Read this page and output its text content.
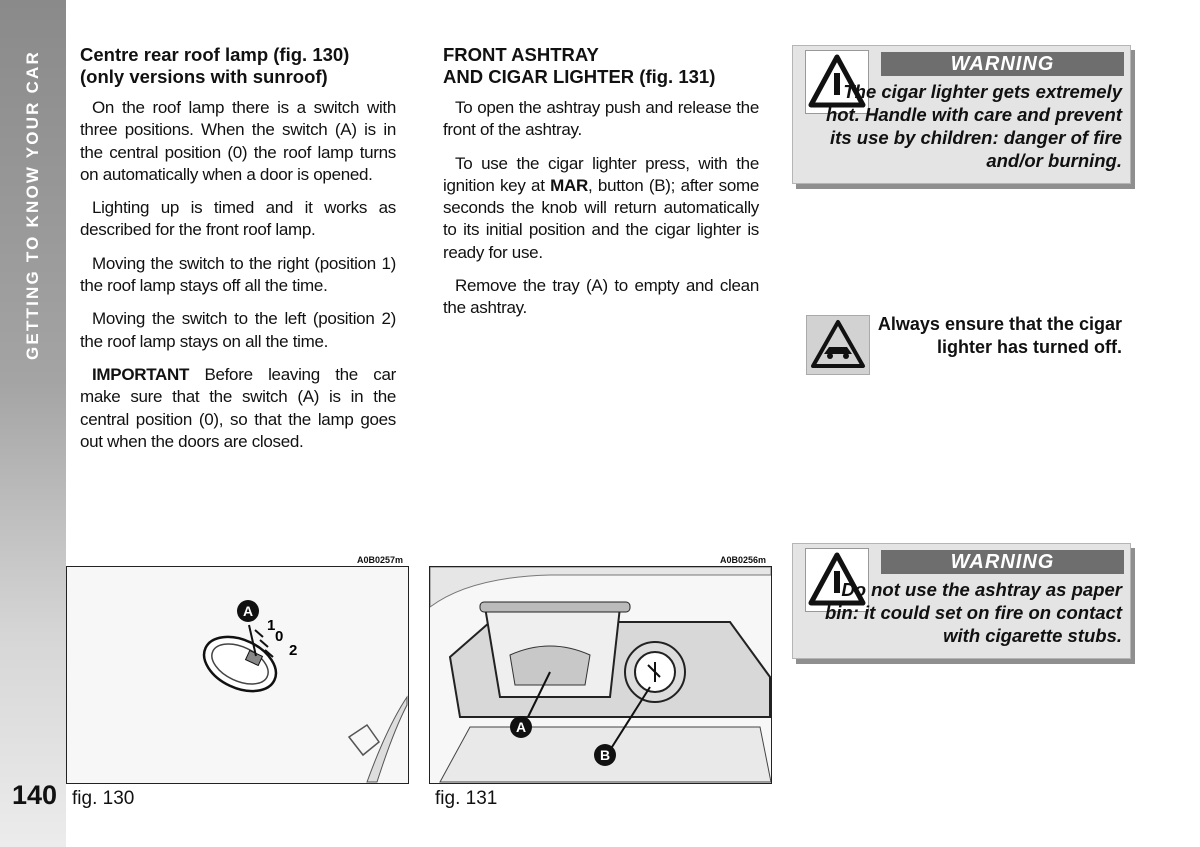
GETTING TO KNOW YOUR CAR
140
Centre rear roof lamp (fig. 130)
(only versions with sunroof)

On the roof lamp there is a switch with three positions. When the switch (A) is in the central position (0) the roof lamp turns on automatically when a door is opened.

Lighting up is timed and it works as described for the front roof lamp.

Moving the switch to the right (position 1) the roof lamp stays off all the time.

Moving the switch to the left (position 2) the roof lamp stays on all the time.

IMPORTANT Before leaving the car make sure that the switch (A) is in the central position (0), so that the lamp goes out when the doors are closed.

FRONT ASHTRAY
AND CIGAR LIGHTER (fig. 131)

To open the ashtray push and release the front of the ashtray.

To use the cigar lighter press, with the ignition key at MAR, button (B); after some seconds the knob will return automatically to its initial position and the cigar lighter is ready for use.

Remove the tray (A) to empty and clean the ashtray.

WARNING
The cigar lighter gets extremely hot. Handle with care and prevent its use by children: danger of fire and/or burning.
Always ensure that the cigar lighter has turned off.
WARNING
Do not use the ashtray as paper bin: it could set on fire on contact with cigarette stubs.
A0B0257m
A
1
0
2
fig. 130
A0B0256m
A
B
fig. 131
